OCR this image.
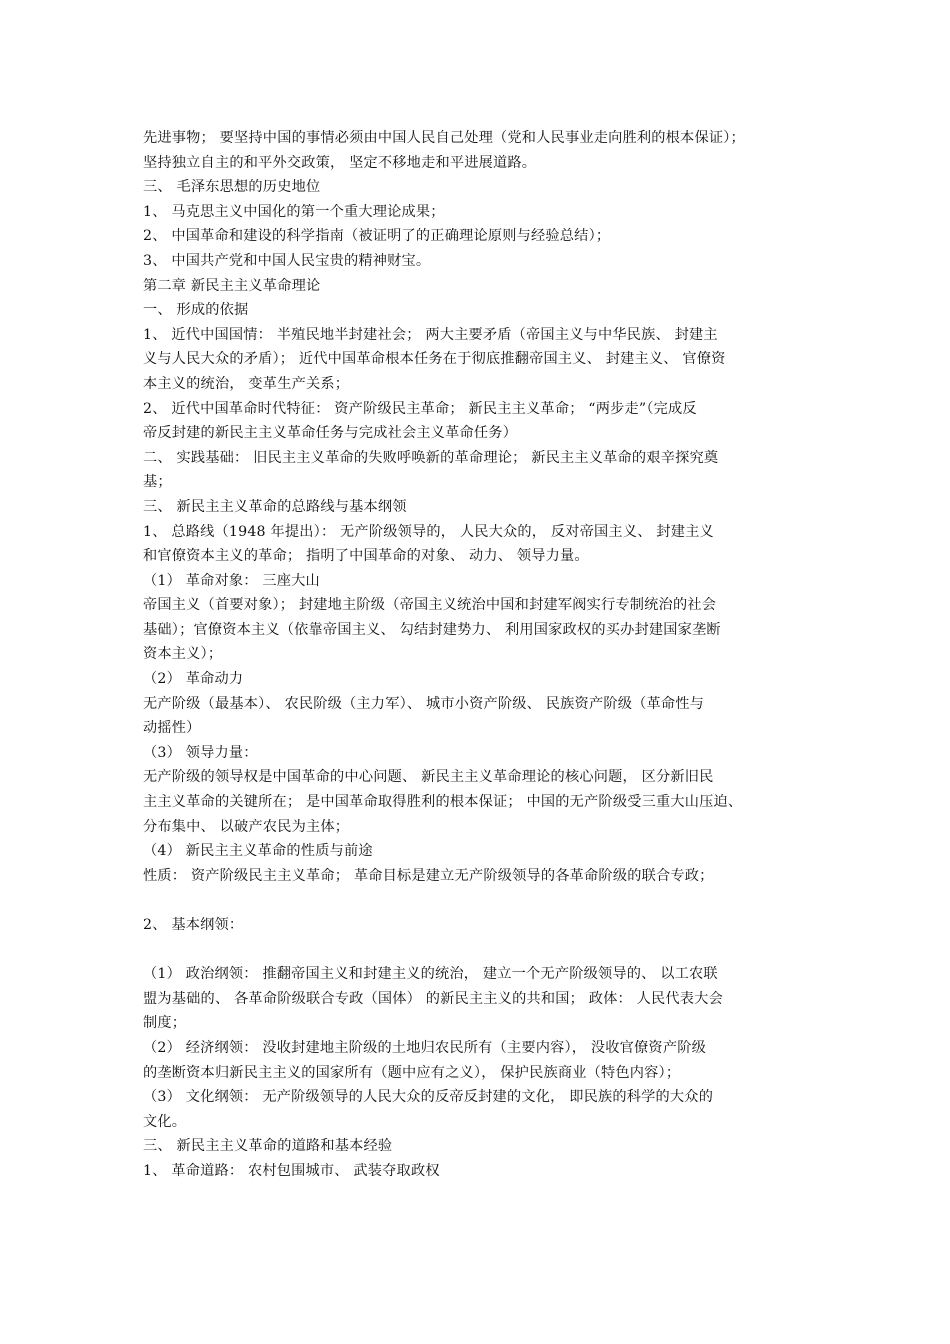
先进事物； 要坚持中国的事情必须由中国人民自己处理（党和人民事业走向胜利的根本保证）；
坚持独立自主的和平外交政策， 坚定不移地走和平进展道路。
三、 毛泽东思想的历史地位
1、 马克思主义中国化的第一个重大理论成果；
2、 中国革命和建设的科学指南（被证明了的正确理论原则与经验总结）；
3、 中国共产党和中国人民宝贵的精神财宝。
第二章 新民主主义革命理论
一、 形成的依据
1、 近代中国国情： 半殖民地半封建社会； 两大主要矛盾（帝国主义与中华民族、 封建主
义与人民大众的矛盾）； 近代中国革命根本任务在于彻底推翻帝国主义、 封建主义、 官僚资
本主义的统治， 变革生产关系；
2、 近代中国革命时代特征： 资产阶级民主革命； 新民主主义革命； “两步走”（完成反
帝反封建的新民主主义革命任务与完成社会主义革命任务）
二、 实践基础： 旧民主主义革命的失败呼唤新的革命理论； 新民主主义革命的艰辛探究奠
基；
三、 新民主主义革命的总路线与基本纲领
1、 总路线（1948 年提出）： 无产阶级领导的， 人民大众的， 反对帝国主义、 封建主义
和官僚资本主义的革命； 指明了中国革命的对象、 动力、 领导力量。
（1） 革命对象： 三座大山
帝国主义（首要对象）； 封建地主阶级（帝国主义统治中国和封建军阀实行专制统治的社会
基础）；官僚资本主义（依靠帝国主义、 勾结封建势力、 利用国家政权的买办封建国家垄断
资本主义）；
（2） 革命动力
无产阶级（最基本）、 农民阶级（主力军）、 城市小资产阶级、 民族资产阶级（革命性与
动摇性）
（3） 领导力量：
无产阶级的领导权是中国革命的中心问题、 新民主主义革命理论的核心问题， 区分新旧民
主主义革命的关键所在； 是中国革命取得胜利的根本保证； 中国的无产阶级受三重大山压迫、
分布集中、 以破产农民为主体；
（4） 新民主主义革命的性质与前途
性质： 资产阶级民主主义革命； 革命目标是建立无产阶级领导的各革命阶级的联合专政；
2、 基本纲领：
（1） 政治纲领： 推翻帝国主义和封建主义的统治， 建立一个无产阶级领导的、 以工农联
盟为基础的、 各革命阶级联合专政（国体） 的新民主主义的共和国； 政体： 人民代表大会
制度；
（2） 经济纲领： 没收封建地主阶级的土地归农民所有（主要内容）， 没收官僚资产阶级
的垄断资本归新民主主义的国家所有（题中应有之义）， 保护民族商业（特色内容）；
（3） 文化纲领： 无产阶级领导的人民大众的反帝反封建的文化， 即民族的科学的大众的
文化。
三、 新民主主义革命的道路和基本经验
1、 革命道路： 农村包围城市、 武装夺取政权
